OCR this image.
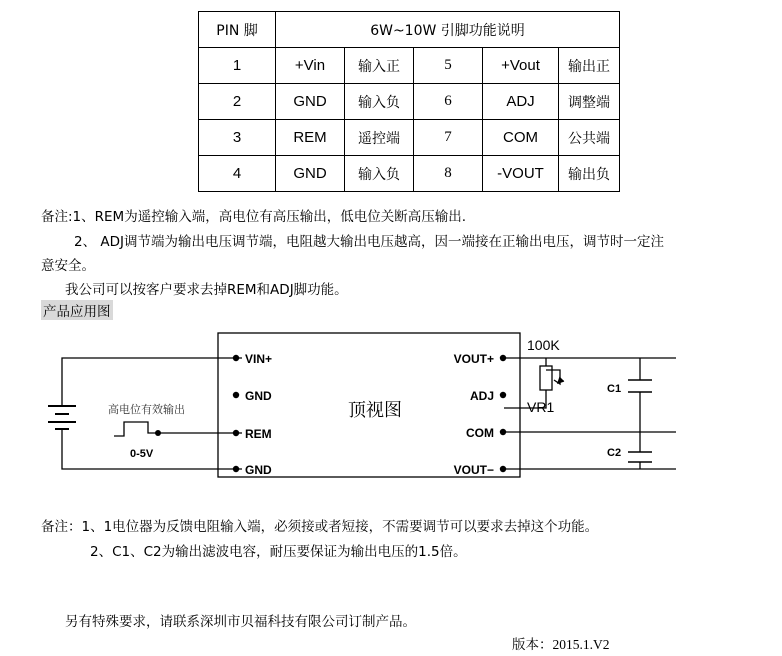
PIN 脚	6W~10W 引脚功能说明				
1	+Vin	输入正	5	+Vout	输出正
2	GND	输入负	6	ADJ	调整端
3	REM	遥控端	7	COM	公共端
4	GND	输入负	8	-VOUT	输出负
备注:1、REM为遥控输入端，高电位有高压输出，低电位关断高压输出.
2、 ADJ调节端为输出电压调节端，电阻越大输出电压越高，因一端接在正输出电压，调节时一定注
意安全。
我公司可以按客户要求去掉REM和ADJ脚功能。
产品应用图
VIN+
GND
REM
GND
VOUT+
ADJ
COM
VOUT−
顶视图
高电位有效输出
0-5V
100K
VR1
C1
C2
备注：1、1电位器为反馈电阻输入端，必须接或者短接，不需要调节可以要求去掉这个功能。
2、C1、C2为输出滤波电容，耐压要保证为输出电压的1.5倍。
另有特殊要求，请联系深圳市贝福科技有限公司订制产品。
版本：2015.1.V2
